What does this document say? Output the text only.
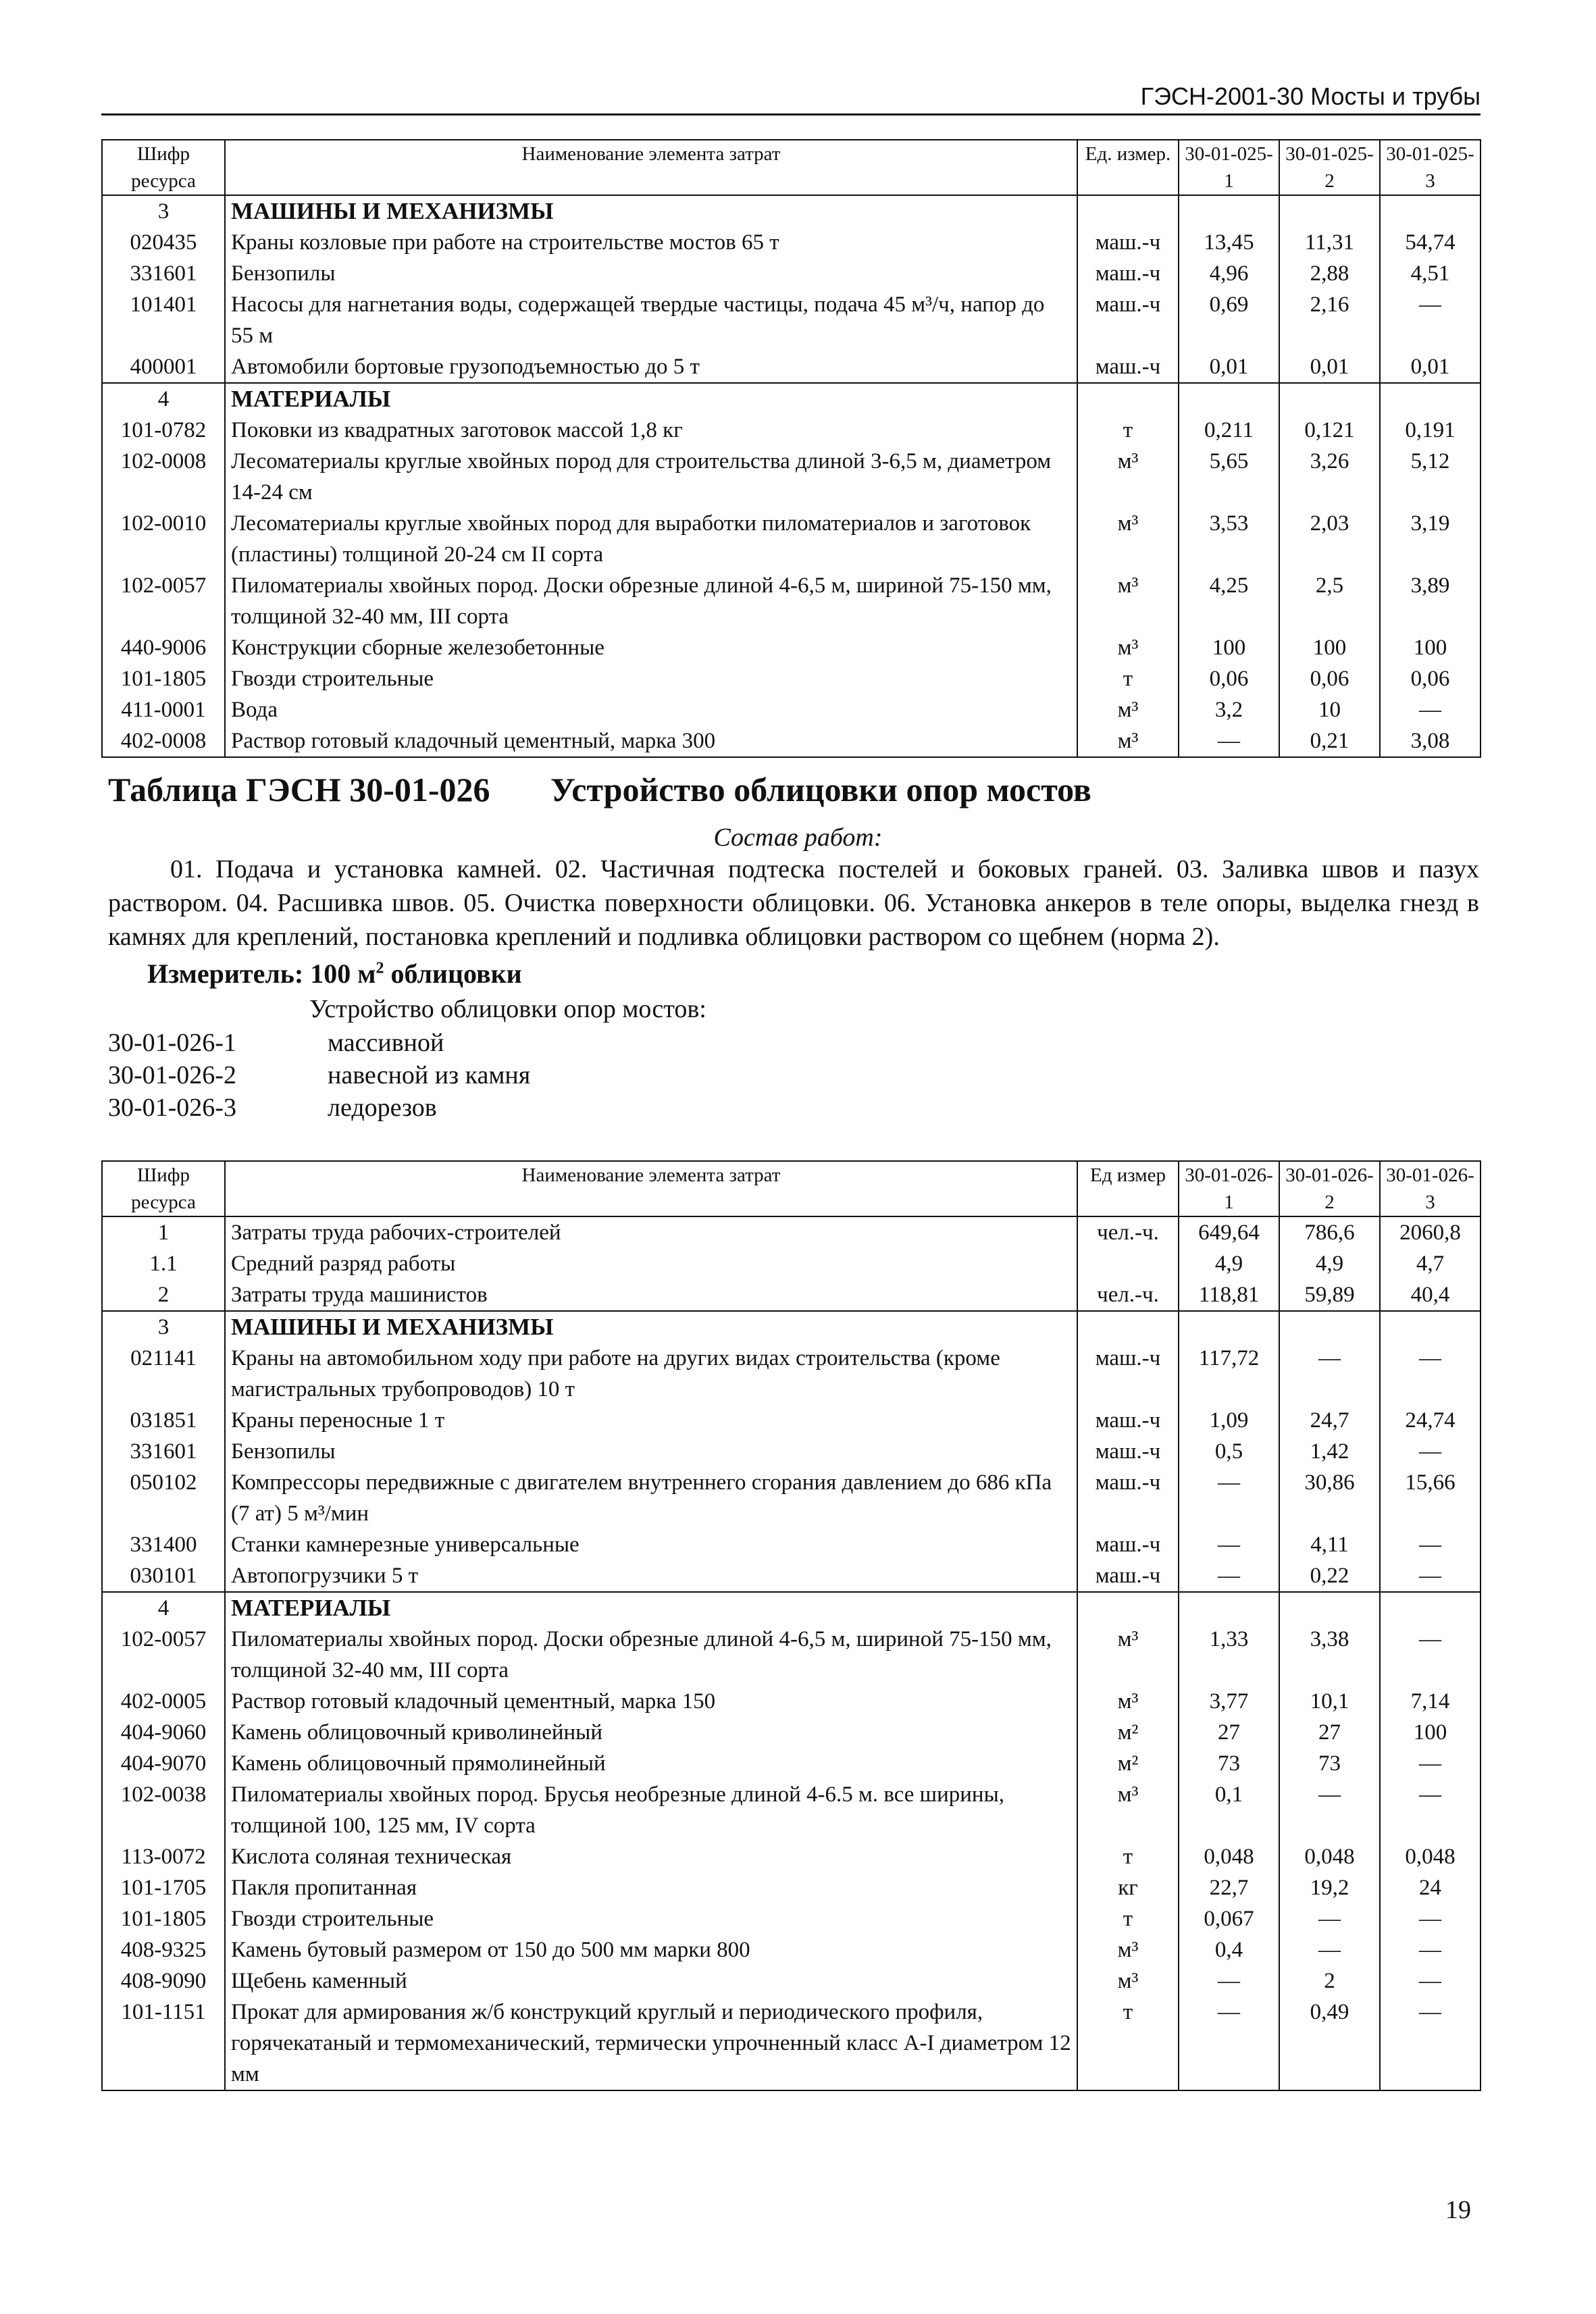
ГЭСН-2001-30 Мосты и трубы
Шифр ресурса	Наименование элемента затрат	Ед. измер.	30-01-025-1	30-01-025-2	30-01-025-3
3	МАШИНЫ И МЕХАНИЗМЫ				
020435	Краны козловые при работе на строительстве мостов 65 т	маш.-ч	13,45	11,31	54,74
331601	Бензопилы	маш.-ч	4,96	2,88	4,51
101401	Насосы для нагнетания воды, содержащей твердые частицы, подача 45 м³/ч, напор до 55 м	маш.-ч	0,69	2,16	—
400001	Автомобили бортовые грузоподъемностью до 5 т	маш.-ч	0,01	0,01	0,01
4	МАТЕРИАЛЫ				
101-0782	Поковки из квадратных заготовок массой 1,8 кг	т	0,211	0,121	0,191
102-0008	Лесоматериалы круглые хвойных пород для строительства длиной 3-6,5 м, диаметром 14-24 см	м³	5,65	3,26	5,12
102-0010	Лесоматериалы круглые хвойных пород для выработки пиломатериалов и заготовок (пластины) толщиной 20-24 см II сорта	м³	3,53	2,03	3,19
102-0057	Пиломатериалы хвойных пород. Доски обрезные длиной 4-6,5 м, шириной 75-150 мм, толщиной 32-40 мм, III сорта	м³	4,25	2,5	3,89
440-9006	Конструкции сборные железобетонные	м³	100	100	100
101-1805	Гвозди строительные	т	0,06	0,06	0,06
411-0001	Вода	м³	3,2	10	—
402-0008	Раствор готовый кладочный цементный, марка 300	м³	—	0,21	3,08
Таблица ГЭСН 30-01-026 Устройство облицовки опор мостов
Состав работ:
01. Подача и установка камней. 02. Частичная подтеска постелей и боковых граней. 03. Заливка швов и пазух раствором. 04. Расшивка швов. 05. Очистка поверхности облицовки. 06. Установка анкеров в теле опоры, выделка гнезд в камнях для креплений, постановка креплений и подливка облицовки раствором со щебнем (норма 2).
Измеритель: 100 $м^2$ облицовки
Устройство облицовки опор мостов:
30-01-026-1	массивной
30-01-026-2	навесной из камня
30-01-026-3	ледорезов
Шифр ресурса	Наименование элемента затрат	Ед измер	30-01-026-1	30-01-026-2	30-01-026-3
1	Затраты труда рабочих-строителей	чел.-ч.	649,64	786,6	2060,8
1.1	Средний разряд работы		4,9	4,9	4,7
2	Затраты труда машинистов	чел.-ч.	118,81	59,89	40,4
3	МАШИНЫ И МЕХАНИЗМЫ				
021141	Краны на автомобильном ходу при работе на других видах строительства (кроме магистральных трубопроводов) 10 т	маш.-ч	117,72	—	—
031851	Краны переносные 1 т	маш.-ч	1,09	24,7	24,74
331601	Бензопилы	маш.-ч	0,5	1,42	—
050102	Компрессоры передвижные с двигателем внутреннего сгорания давлением до 686 кПа (7 ат) 5 м³/мин	маш.-ч	—	30,86	15,66
331400	Станки камнерезные универсальные	маш.-ч	—	4,11	—
030101	Автопогрузчики 5 т	маш.-ч	—	0,22	—
4	МАТЕРИАЛЫ				
102-0057	Пиломатериалы хвойных пород. Доски обрезные длиной 4-6,5 м, шириной 75-150 мм, толщиной 32-40 мм, III сорта	м³	1,33	3,38	—
402-0005	Раствор готовый кладочный цементный, марка 150	м³	3,77	10,1	7,14
404-9060	Камень облицовочный криволинейный	м²	27	27	100
404-9070	Камень облицовочный прямолинейный	м²	73	73	—
102-0038	Пиломатериалы хвойных пород. Брусья необрезные длиной 4-6.5 м. все ширины, толщиной 100, 125 мм, IV сорта	м³	0,1	—	—
113-0072	Кислота соляная техническая	т	0,048	0,048	0,048
101-1705	Пакля пропитанная	кг	22,7	19,2	24
101-1805	Гвозди строительные	т	0,067	—	—
408-9325	Камень бутовый размером от 150 до 500 мм марки 800	м³	0,4	—	—
408-9090	Щебень каменный	м³	—	2	—
101-1151	Прокат для армирования ж/б конструкций круглый и периодического профиля, горячекатаный и термомеханический, термически упрочненный класс А-I диаметром 12 мм	т	—	0,49	—
19
